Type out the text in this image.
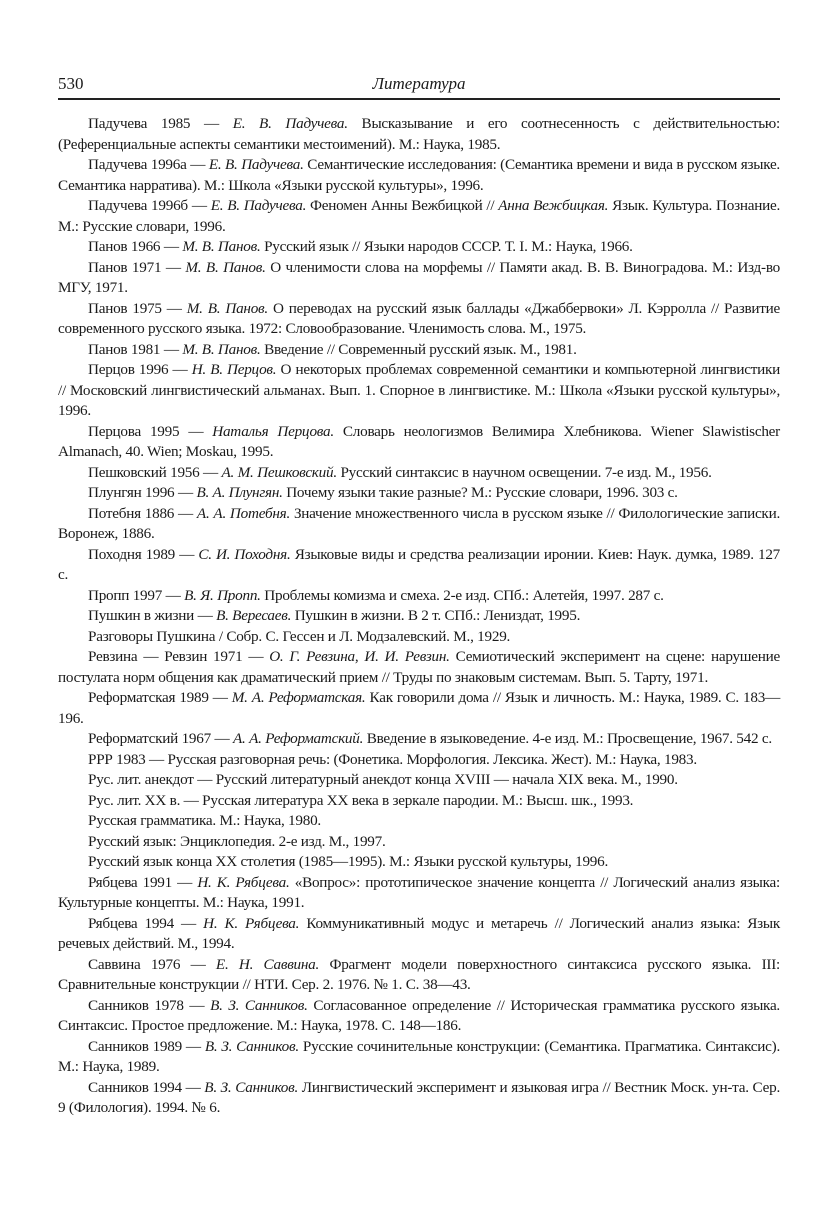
530	Литература

Падучева 1985 — Е. В. Падучева. Высказывание и его соотнесенность с действительностью: (Референциальные аспекты семантики местоимений). М.: Наука, 1985.

Падучева 1996а — Е. В. Падучева. Семантические исследования: (Семантика времени и вида в русском языке. Семантика нарратива). М.: Школа «Языки русской культуры», 1996.

Падучева 1996б — Е. В. Падучева. Феномен Анны Вежбицкой // Анна Вежбицкая. Язык. Культура. Познание. М.: Русские словари, 1996.

Панов 1966 — М. В. Панов. Русский язык // Языки народов СССР. Т. I. М.: Наука, 1966.

Панов 1971 — М. В. Панов. О членимости слова на морфемы // Памяти акад. В. В. Виноградова. М.: Изд-во МГУ, 1971.

Панов 1975 — М. В. Панов. О переводах на русский язык баллады «Джаббервоки» Л. Кэрролла // Развитие современного русского языка. 1972: Словообразование. Членимость слова. М., 1975.

Панов 1981 — М. В. Панов. Введение // Современный русский язык. М., 1981.

Перцов 1996 — Н. В. Перцов. О некоторых проблемах современной семантики и компьютерной лингвистики // Московский лингвистический альманах. Вып. 1. Спорное в лингвистике. М.: Школа «Языки русской культуры», 1996.

Перцова 1995 — Наталья Перцова. Словарь неологизмов Велимира Хлебникова. Wiener Slawistischer Almanach, 40. Wien; Moskau, 1995.

Пешковский 1956 — А. М. Пешковский. Русский синтаксис в научном освещении. 7-е изд. М., 1956.

Плунгян 1996 — В. А. Плунгян. Почему языки такие разные? М.: Русские словари, 1996. 303 с.

Потебня 1886 — А. А. Потебня. Значение множественного числа в русском языке // Филологические записки. Воронеж, 1886.

Походня 1989 — С. И. Походня. Языковые виды и средства реализации иронии. Киев: Наук. думка, 1989. 127 с.

Пропп 1997 — В. Я. Пропп. Проблемы комизма и смеха. 2-е изд. СПб.: Алетейя, 1997. 287 с.

Пушкин в жизни — В. Вересаев. Пушкин в жизни. В 2 т. СПб.: Лениздат, 1995.

Разговоры Пушкина / Собр. С. Гессен и Л. Модзалевский. М., 1929.

Ревзина — Ревзин 1971 — О. Г. Ревзина, И. И. Ревзин. Семиотический эксперимент на сцене: нарушение постулата норм общения как драматический прием // Труды по знаковым системам. Вып. 5. Тарту, 1971.

Реформатская 1989 — М. А. Реформатская. Как говорили дома // Язык и личность. М.: Наука, 1989. С. 183—196.

Реформатский 1967 — А. А. Реформатский. Введение в языковедение. 4-е изд. М.: Просвещение, 1967. 542 с.

РРР 1983 — Русская разговорная речь: (Фонетика. Морфология. Лексика. Жест). М.: Наука, 1983.

Рус. лит. анекдот — Русский литературный анекдот конца XVIII — начала XIX века. М., 1990.

Рус. лит. XX в. — Русская литература XX века в зеркале пародии. М.: Высш. шк., 1993.

Русская грамматика. М.: Наука, 1980.

Русский язык: Энциклопедия. 2-е изд. М., 1997.

Русский язык конца XX столетия (1985—1995). М.: Языки русской культуры, 1996.

Рябцева 1991 — Н. К. Рябцева. «Вопрос»: прототипическое значение концепта // Логический анализ языка: Культурные концепты. М.: Наука, 1991.

Рябцева 1994 — Н. К. Рябцева. Коммуникативный модус и метаречь // Логический анализ языка: Язык речевых действий. М., 1994.

Саввина 1976 — Е. Н. Саввина. Фрагмент модели поверхностного синтаксиса русского языка. III: Сравнительные конструкции // НТИ. Сер. 2. 1976. № 1. С. 38—43.

Санников 1978 — В. З. Санников. Согласованное определение // Историческая грамматика русского языка. Синтаксис. Простое предложение. М.: Наука, 1978. С. 148—186.

Санников 1989 — В. З. Санников. Русские сочинительные конструкции: (Семантика. Прагматика. Синтаксис). М.: Наука, 1989.

Санников 1994 — В. З. Санников. Лингвистический эксперимент и языковая игра // Вестник Моск. ун-та. Сер. 9 (Филология). 1994. № 6.
